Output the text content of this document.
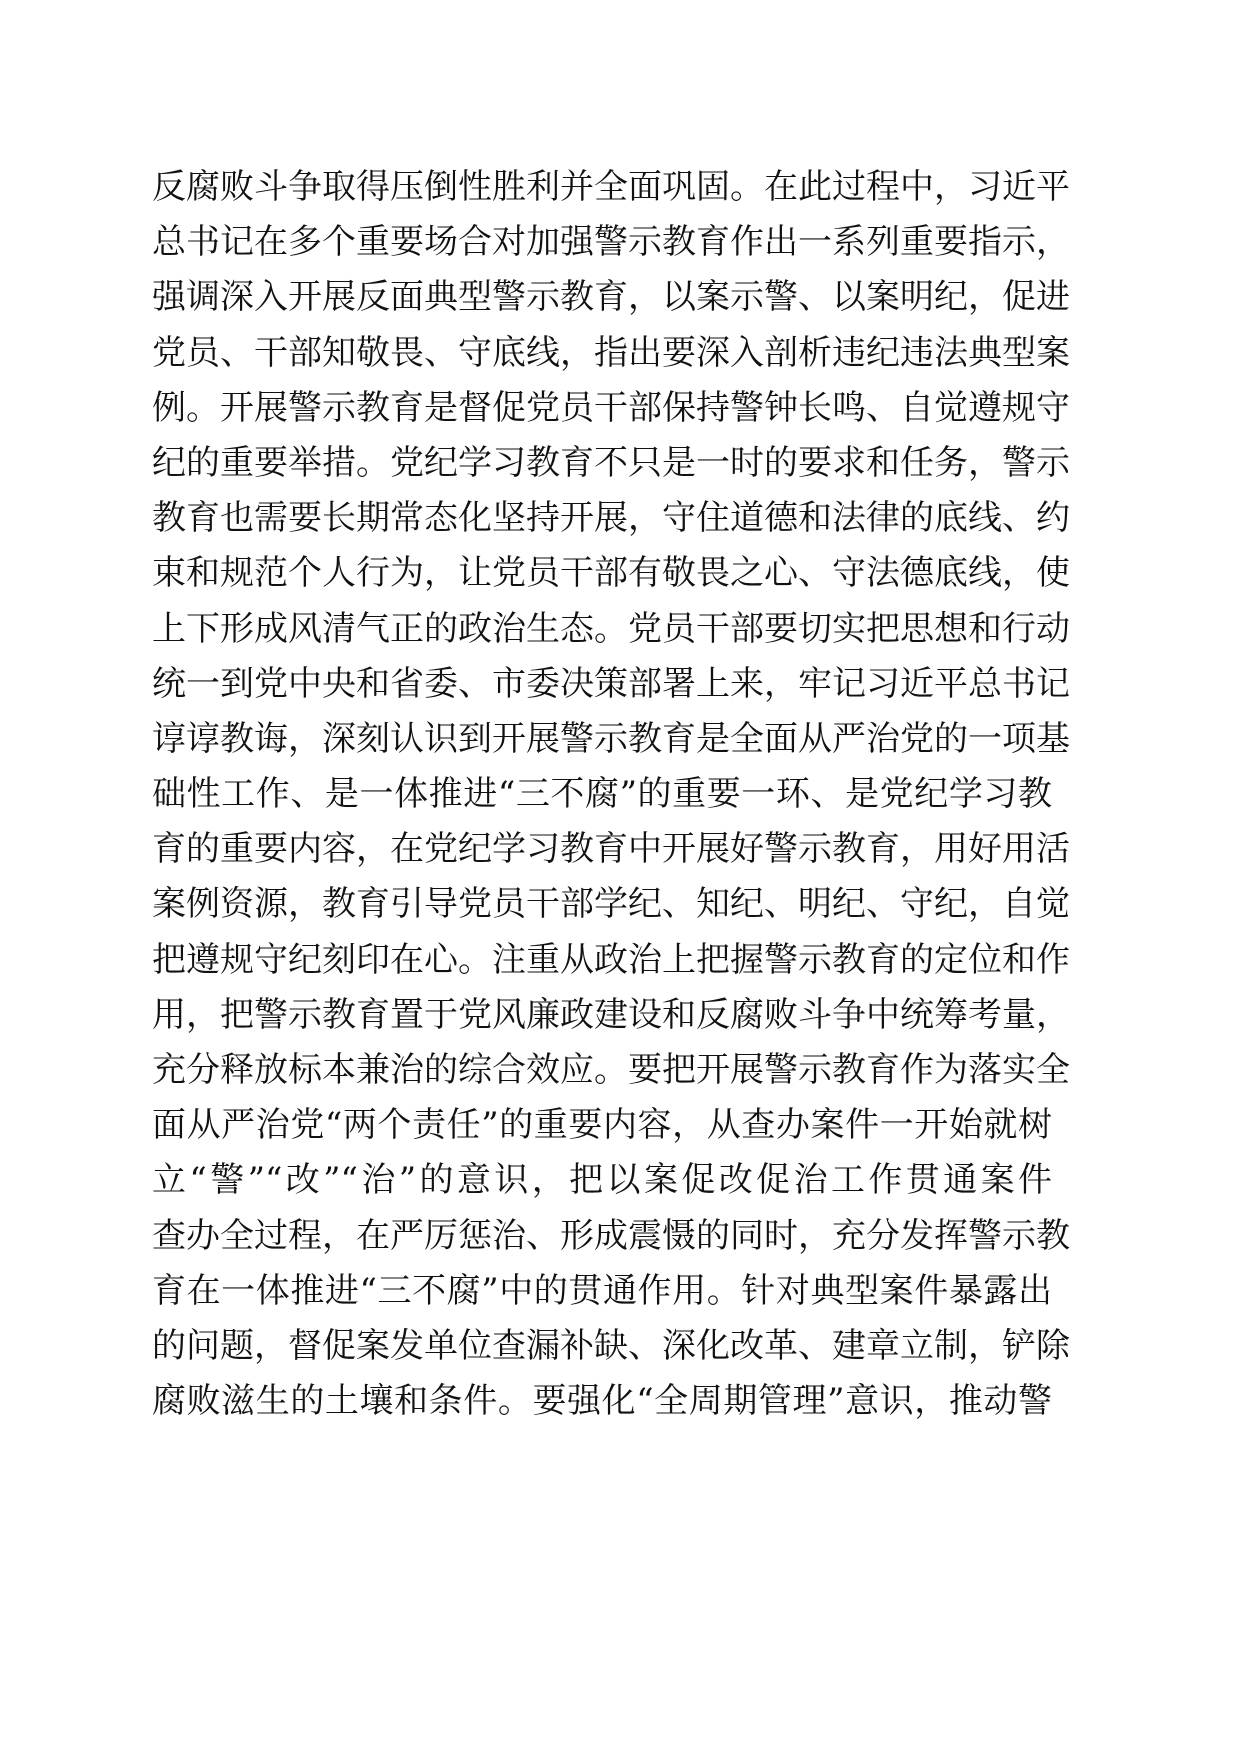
反腐败斗争取得压倒性胜利并全面巩固。在此过程中，习近平
总书记在多个重要场合对加强警示教育作出一系列重要指示，
强调深入开展反面典型警示教育，以案示警、以案明纪，促进
党员、干部知敬畏、守底线，指出要深入剖析违纪违法典型案
例。开展警示教育是督促党员干部保持警钟长鸣、自觉遵规守
纪的重要举措。党纪学习教育不只是一时的要求和任务，警示
教育也需要长期常态化坚持开展，守住道德和法律的底线、约
束和规范个人行为，让党员干部有敬畏之心、守法德底线，使
上下形成风清气正的政治生态。党员干部要切实把思想和行动
统一到党中央和省委、市委决策部署上来，牢记习近平总书记
谆谆教诲，深刻认识到开展警示教育是全面从严治党的一项基
础性工作、是一体推进“三不腐”的重要一环、是党纪学习教
育的重要内容，在党纪学习教育中开展好警示教育，用好用活
案例资源，教育引导党员干部学纪、知纪、明纪、守纪，自觉
把遵规守纪刻印在心。注重从政治上把握警示教育的定位和作
用，把警示教育置于党风廉政建设和反腐败斗争中统筹考量，
充分释放标本兼治的综合效应。要把开展警示教育作为落实全
面从严治党“两个责任”的重要内容，从查办案件一开始就树
立“警”“改”“治”的意识，把以案促改促治工作贯通案件
查办全过程，在严厉惩治、形成震慑的同时，充分发挥警示教
育在一体推进“三不腐”中的贯通作用。针对典型案件暴露出
的问题，督促案发单位查漏补缺、深化改革、建章立制，铲除
腐败滋生的土壤和条件。要强化“全周期管理”意识，推动警
